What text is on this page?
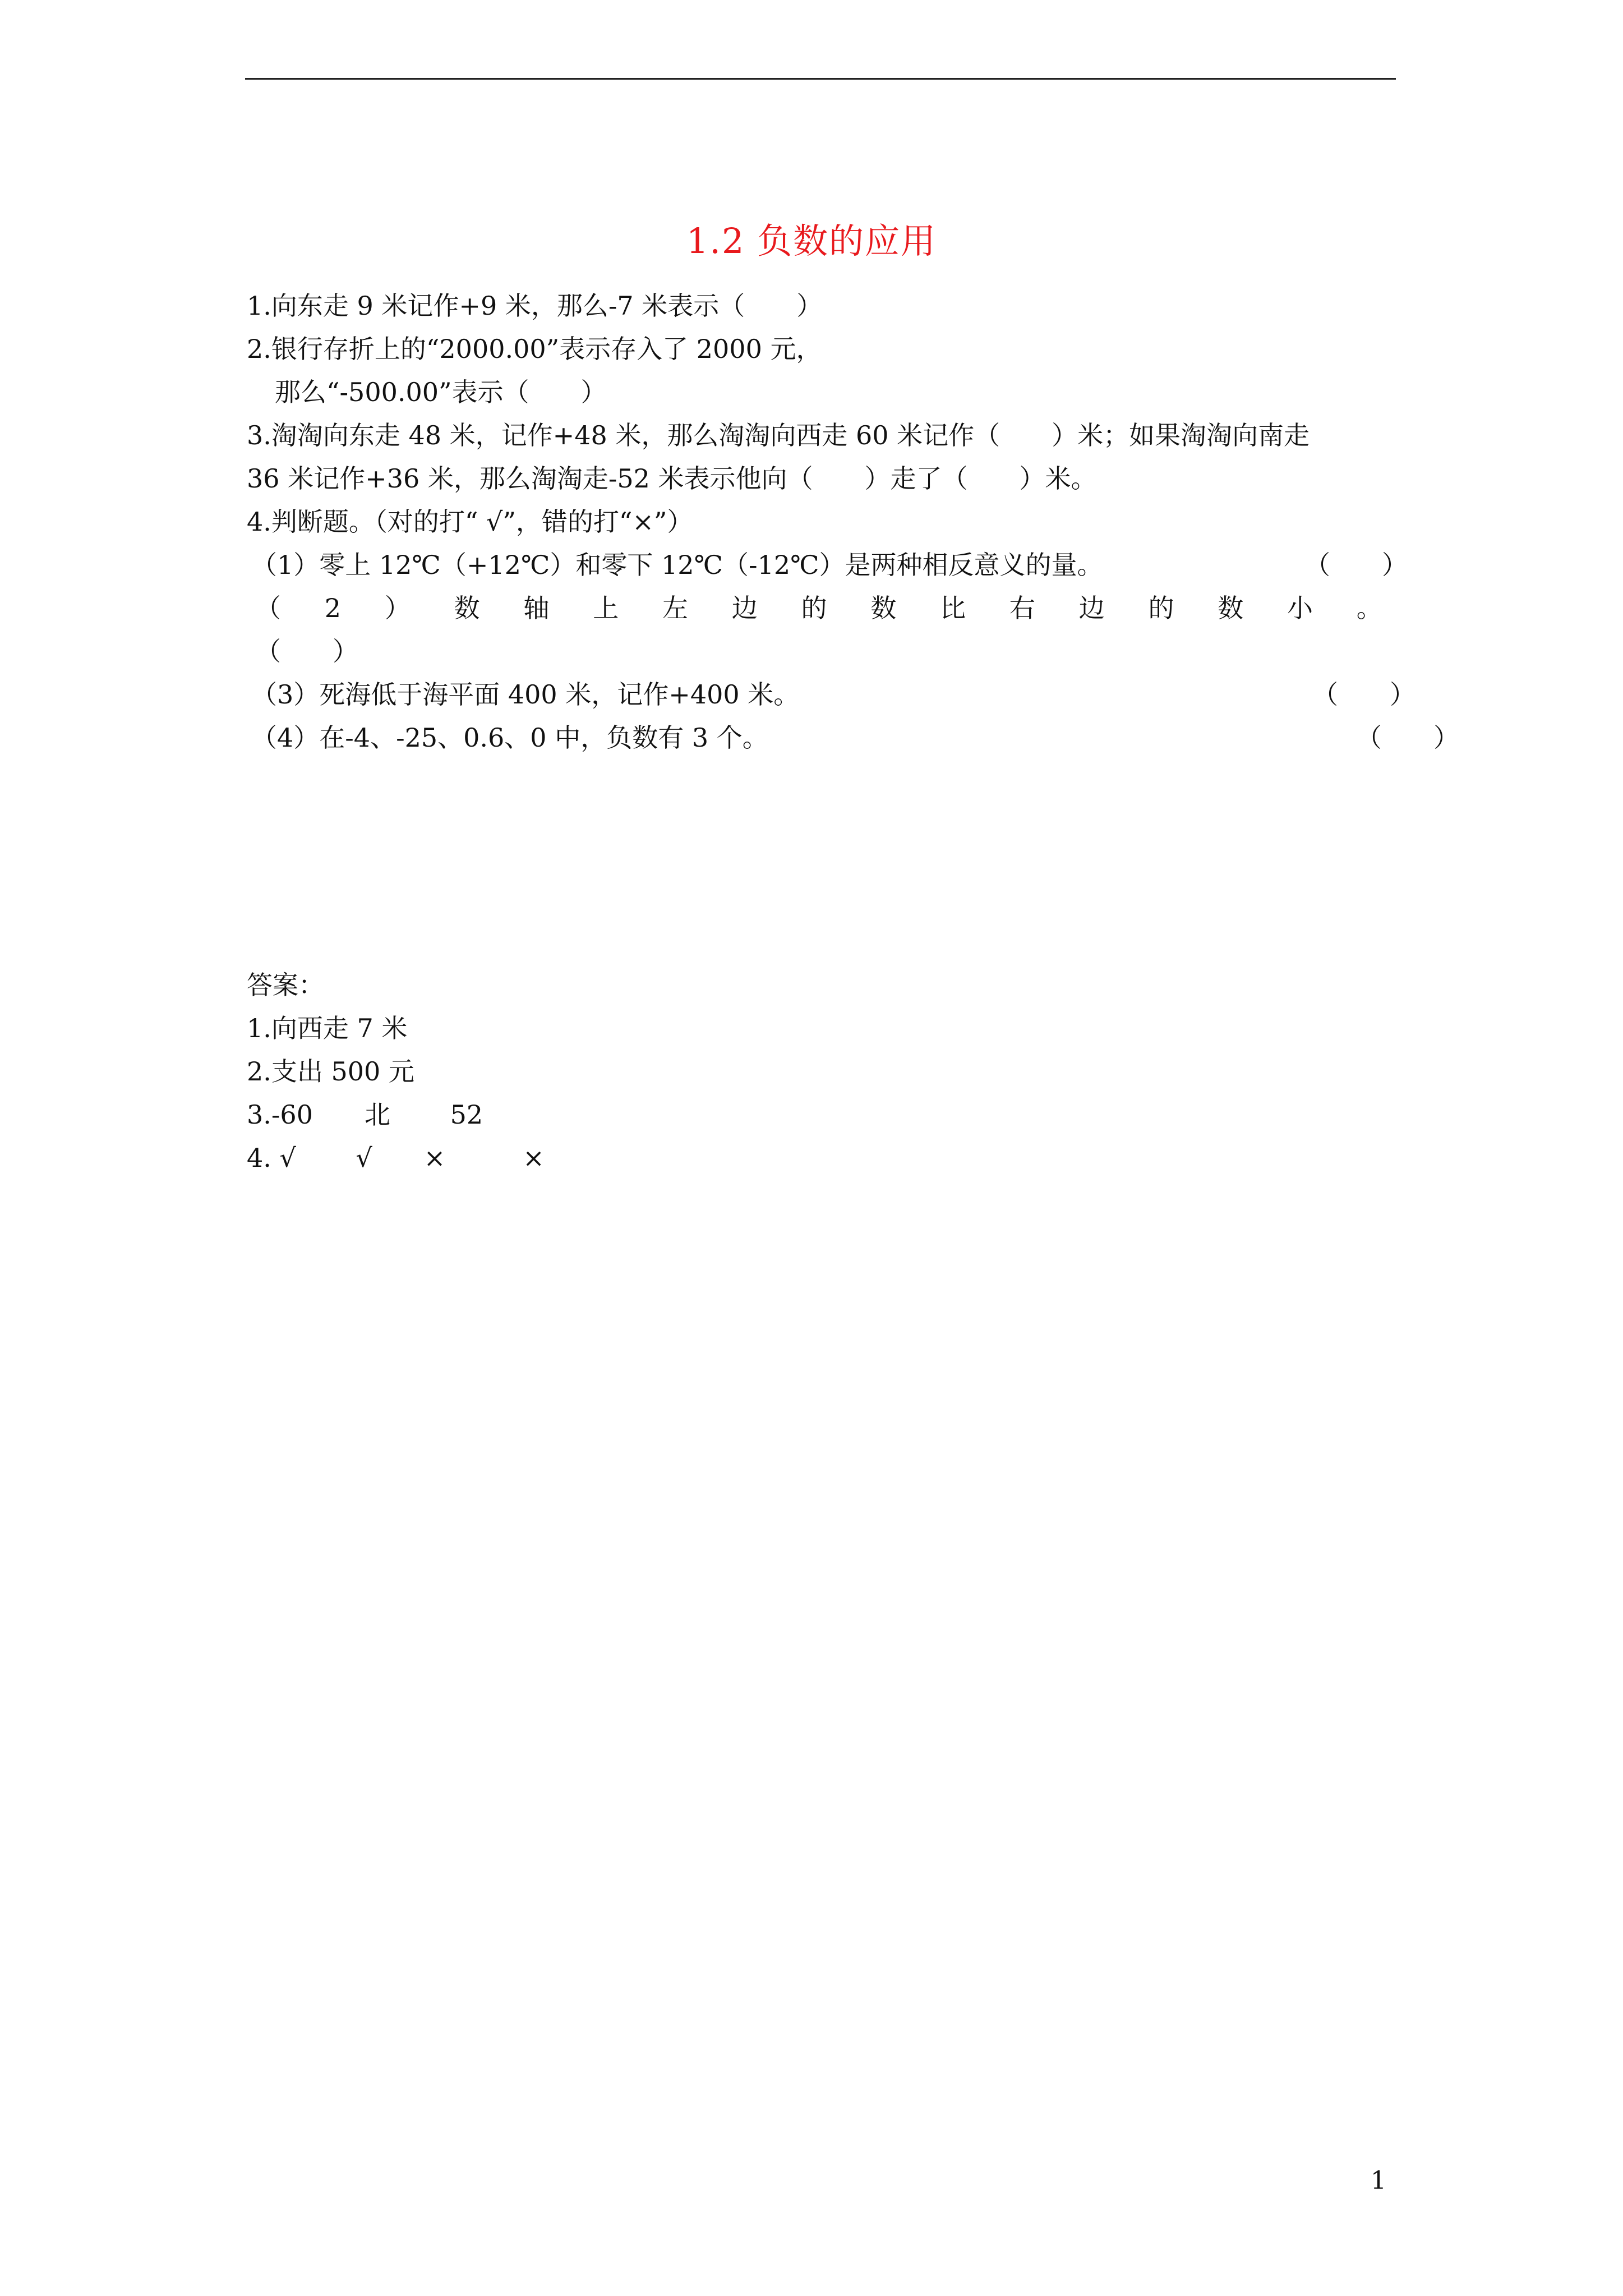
1.2 负数的应用
1.向东走 9 米记作+9 米，那么-7 米表示（　　）
2.银行存折上的“2000.00”表示存入了 2000 元，
那么“-500.00”表示（　　）
3.淘淘向东走 48 米，记作+48 米，那么淘淘向西走 60 米记作（　　）米；如果淘淘向南走
36 米记作+36 米，那么淘淘走-52 米表示他向（　　）走了（　　）米。
4.判断题。（对的打“ √”，错的打“×”）
（1）零上 12℃（+12℃）和零下 12℃（-12℃）是两种相反意义的量。	（　　）
（ 2 ） 数 轴 上 左 边 的 数 比 右 边 的 数 小 。
（　　）
（3）死海低于海平面 400 米，记作+400 米。	（　　）
（4）在-4、-25、0.6、0 中，负数有 3 个。	（　　）
答案：
1.向西走 7 米
2.支出 500 元
3.-60　　北　　 52
4. √　　 √　　×　　　×
1
